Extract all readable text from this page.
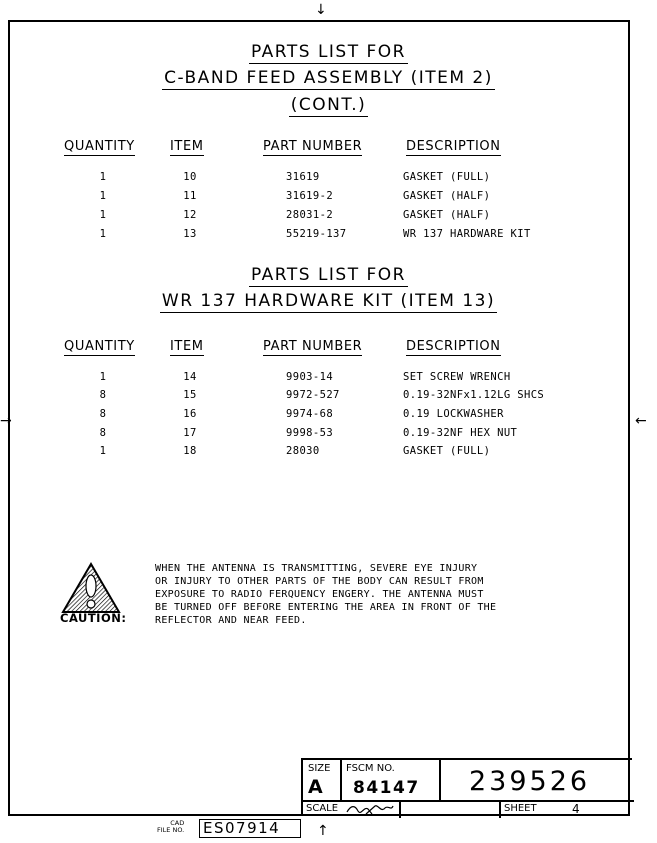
↓
→	←
↑
PARTS LIST FOR
C-BAND FEED ASSEMBLY (ITEM 2)
(CONT.)
QUANTITY	ITEM	PART NUMBER	DESCRIPTION
1	10	31619	GASKET (FULL)
1	11	31619-2	GASKET (HALF)
1	12	28031-2	GASKET (HALF)
1	13	55219-137	WR 137 HARDWARE KIT
PARTS LIST FOR
WR 137 HARDWARE KIT (ITEM 13)
QUANTITY	ITEM	PART NUMBER	DESCRIPTION
1	14	9903-14	SET SCREW WRENCH
8	15	9972-527	0.19-32NFx1.12LG SHCS
8	16	9974-68	0.19 LOCKWASHER
8	17	9998-53	0.19-32NF HEX NUT
1	18	28030	GASKET (FULL)
CAUTION:
WHEN THE ANTENNA IS TRANSMITTING, SEVERE EYE INJURY
OR INJURY TO OTHER PARTS OF THE BODY CAN RESULT FROM
EXPOSURE TO RADIO FERQUENCY ENGERY. THE ANTENNA MUST
BE TURNED OFF BEFORE ENTERING THE AREA IN FRONT OF THE
REFLECTOR AND NEAR FEED.
SIZE
A
FSCM NO.
84147 239526
SCALE	SHEET	4
CAD
FILE NO. ES07914
